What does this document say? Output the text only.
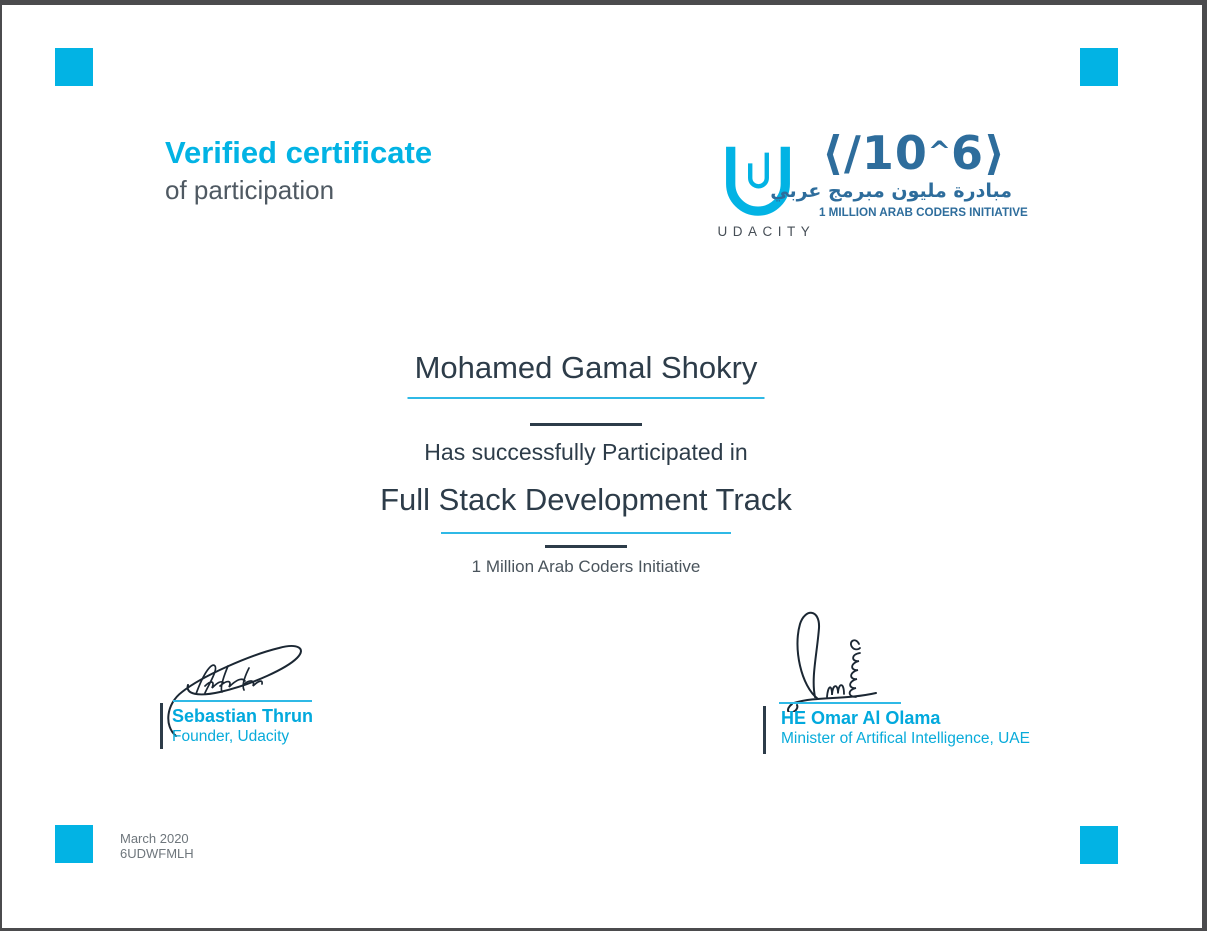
Verified certificate
of participation
UDACITY
⟨/10^6⟩
مبادرة مليون مبرمج عربي
1 MILLION ARAB CODERS INITIATIVE
Mohamed Gamal Shokry
Has successfully Participated in
Full Stack Development Track
1 Million Arab Coders Initiative
Sebastian Thrun
Founder, Udacity
HE Omar Al Olama
Minister of Artifical Intelligence, UAE
March 2020
6UDWFMLH
